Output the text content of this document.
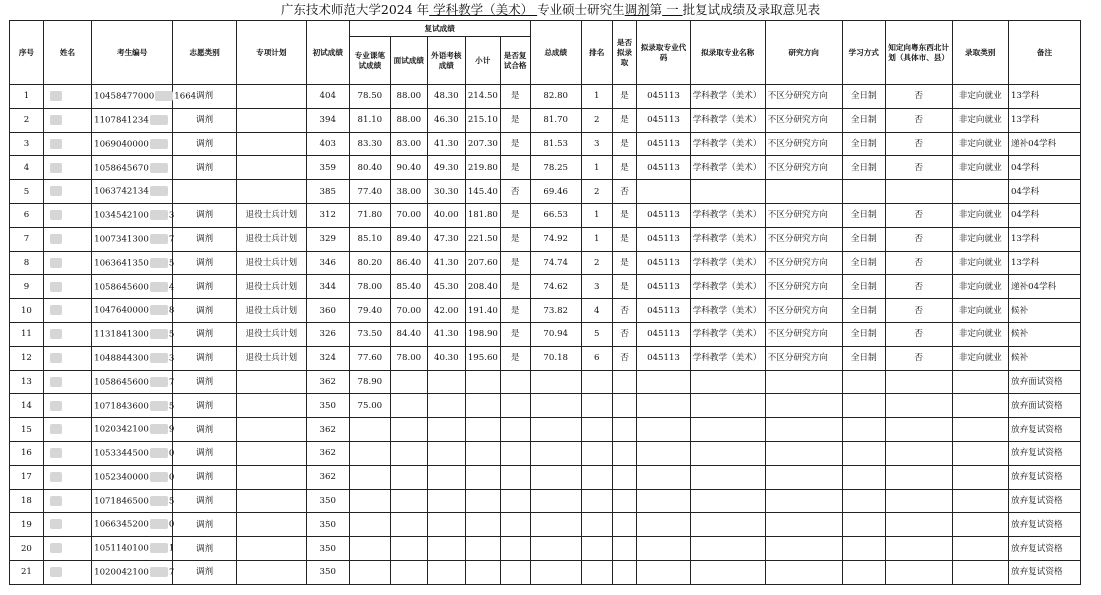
广东技术师范大学2024 年 学科教学（美术） 专业硕士研究生调剂第 一 批复试成绩及录取意见表
序号	姓名	考生编号	志愿类别	专项计划	初试成绩	复试成绩					总成绩	排名	是否拟录取	拟录取专业代码	拟录取专业名称	研究方向	学习方式	知定向粤东西北计划（具体市、县）	录取类别	备注
						专业课笔试成绩	面试成绩	外语考核成绩	小计	是否复试合格										
1		10458477000 1664	调剂		404	78.50	88.00	48.30	214.50	是	82.80	1	是	045113	学科教学（美术）	不区分研究方向	全日制	否	非定向就业	13学科
2		1107841234	调剂		394	81.10	88.00	46.30	215.10	是	81.70	2	是	045113	学科教学（美术）	不区分研究方向	全日制	否	非定向就业	13学科
3		1069040000	调剂		403	83.30	83.00	41.30	207.30	是	81.53	3	是	045113	学科教学（美术）	不区分研究方向	全日制	否	非定向就业	递补04学科
4		1058645670	调剂		359	80.40	90.40	49.30	219.80	是	78.25	1	是	045113	学科教学（美术）	不区分研究方向	全日制	否	非定向就业	04学科
5		1063742134			385	77.40	38.00	30.30	145.40	否	69.46	2	否							04学科
6		1034542100 3	调剂	退役士兵计划	312	71.80	70.00	40.00	181.80	是	66.53	1	是	045113	学科教学（美术）	不区分研究方向	全日制	否	非定向就业	04学科
7		1007341300 7	调剂	退役士兵计划	329	85.10	89.40	47.30	221.50	是	74.92	1	是	045113	学科教学（美术）	不区分研究方向	全日制	否	非定向就业	13学科
8		1063641350 5	调剂	退役士兵计划	346	80.20	86.40	41.30	207.60	是	74.74	2	是	045113	学科教学（美术）	不区分研究方向	全日制	否	非定向就业	13学科
9		1058645600 4	调剂	退役士兵计划	344	78.00	85.40	45.30	208.40	是	74.62	3	是	045113	学科教学（美术）	不区分研究方向	全日制	否	非定向就业	递补04学科
10		1047640000 8	调剂	退役士兵计划	360	79.40	70.00	42.00	191.40	是	73.82	4	否	045113	学科教学（美术）	不区分研究方向	全日制	否	非定向就业	候补
11		1131841300 5	调剂	退役士兵计划	326	73.50	84.40	41.30	198.90	是	70.94	5	否	045113	学科教学（美术）	不区分研究方向	全日制	否	非定向就业	候补
12		1048844300 3	调剂	退役士兵计划	324	77.60	78.00	40.30	195.60	是	70.18	6	否	045113	学科教学（美术）	不区分研究方向	全日制	否	非定向就业	候补
13		1058645600 7	调剂		362	78.90														放弃面试资格
14		1071843600 5	调剂		350	75.00														放弃面试资格
15		1020342100 9	调剂		362															放弃复试资格
16		1053344500 0	调剂		362															放弃复试资格
17		1052340000 0	调剂		362															放弃复试资格
18		1071846500 5	调剂		350															放弃复试资格
19		1066345200 0	调剂		350															放弃复试资格
20		1051140100 1	调剂		350															放弃复试资格
21		1020042100 7	调剂		350															放弃复试资格
